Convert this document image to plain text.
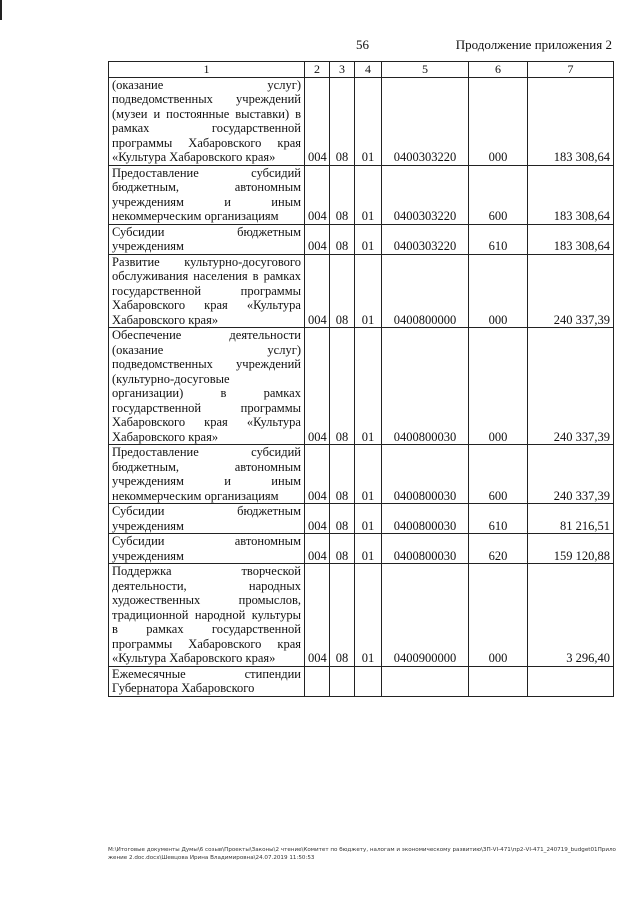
56	Продолжение приложения 2
1	2	3	4	5	6	7
(оказание услуг) подведомственных учреждений (музеи и постоянные выставки) в рамках государственной программы Хабаровского края «Культура Хабаровского края»	004	08	01	0400303220	000	183 308,64
Предоставление субсидий бюджетным, автономным учреждениям и иным некоммерческим организациям	004	08	01	0400303220	600	183 308,64
Субсидии бюджетным учреждениям	004	08	01	0400303220	610	183 308,64
Развитие культурно-досугового обслуживания населения в рамках государственной программы Хабаровского края «Культура Хабаровского края»	004	08	01	0400800000	000	240 337,39
Обеспечение деятельности (оказание услуг) подведомственных учреждений (культурно-досуговые организации) в рамках государственной программы Хабаровского края «Культура Хабаровского края»	004	08	01	0400800030	000	240 337,39
Предоставление субсидий бюджетным, автономным учреждениям и иным некоммерческим организациям	004	08	01	0400800030	600	240 337,39
Субсидии бюджетным учреждениям	004	08	01	0400800030	610	81 216,51
Субсидии автономным учреждениям	004	08	01	0400800030	620	159 120,88
Поддержка творческой деятельности, народных художественных промыслов, традиционной народной культуры в рамках государственной программы Хабаровского края «Культура Хабаровского края»	004	08	01	0400900000	000	3 296,40
Ежемесячные стипендии Губернатора Хабаровского						
М:\Итоговые документы Думы\6 созыв\Проекты\Законы\2 чтение\Комитет по бюджету, налогам и экономическому развитию\ЗП-VI-471\пр2-VI-471_240719_budget01Приложение 2.doc.docx\Шевцова Ирина Владимировна\24.07.2019 11:50:53
